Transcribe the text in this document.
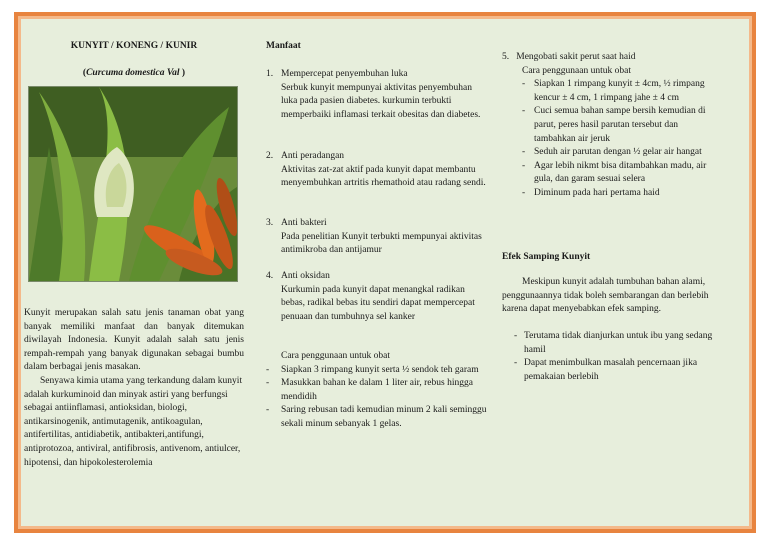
KUNYIT / KONENG / KUNIR
(Curcuma domestica Val )

Kunyit merupakan salah satu jenis tanaman obat yang banyak memiliki manfaat dan banyak ditemukan diwilayah Indonesia. Kunyit adalah salah satu jenis rempah-rempah yang banyak digunakan sebagai bumbu dalam berbagai jenis masakan.

Senyawa kimia utama yang terkandung dalam kunyit adalah kurkuminoid dan minyak astiri yang berfungsi sebagai antiinflamasi, antioksidan, biologi, antikarsinogenik, antimutagenik, antikoagulan, antifertilitas, antidiabetik, antibakteri,antifungi, antiprotozoa, antiviral, antifibrosis, antivenom, antiulcer, hipotensi, dan hipokolesterolemia

Manfaat
1. Mempercepat penyembuhan luka
Serbuk kunyit mempunyai aktivitas penyembuhan luka pada pasien diabetes. kurkumin terbukti memperbaiki inflamasi terkait obesitas dan diabetes.
2. Anti peradangan
Aktivitas zat-zat aktif pada kunyit dapat membantu menyembuhkan artritis rhemathoid atau radang sendi.
3. Anti bakteri
Pada penelitian Kunyit terbukti mempunyai aktivitas antimikroba dan antijamur
4. Anti oksidan
Kurkumin pada kunyit dapat menangkal radikan bebas, radikal bebas itu sendiri dapat mempercepat penuaan dan tumbuhnya sel kanker
Cara penggunaan untuk obat
- Siapkan 3 rimpang kunyit serta ½ sendok teh garam
- Masukkan bahan ke dalam 1 liter air, rebus hingga mendidih
- Saring rebusan tadi kemudian minum 2 kali seminggu sekali minum sebanyak 1 gelas.
5. Mengobati sakit perut saat haid
Cara penggunaan untuk obat
- Siapkan 1 rimpang kunyit ± 4cm, ½ rimpang kencur ± 4 cm, 1 rimpang jahe ± 4 cm
- Cuci semua bahan sampe bersih kemudian di parut, peres hasil parutan tersebut dan tambahkan air jeruk
- Seduh air parutan dengan ½ gelar air hangat
- Agar lebih nikmt bisa ditambahkan madu, air gula, dan garam sesuai selera
- Diminum pada hari pertama haid
Efek Samping Kunyit
Meskipun kunyit adalah tumbuhan bahan alami, penggunaannya tidak boleh sembarangan dan berlebih karena dapat menyebabkan efek samping.
- Terutama tidak dianjurkan untuk ibu yang sedang hamil
- Dapat menimbulkan masalah pencernaan jika pemakaian berlebih
